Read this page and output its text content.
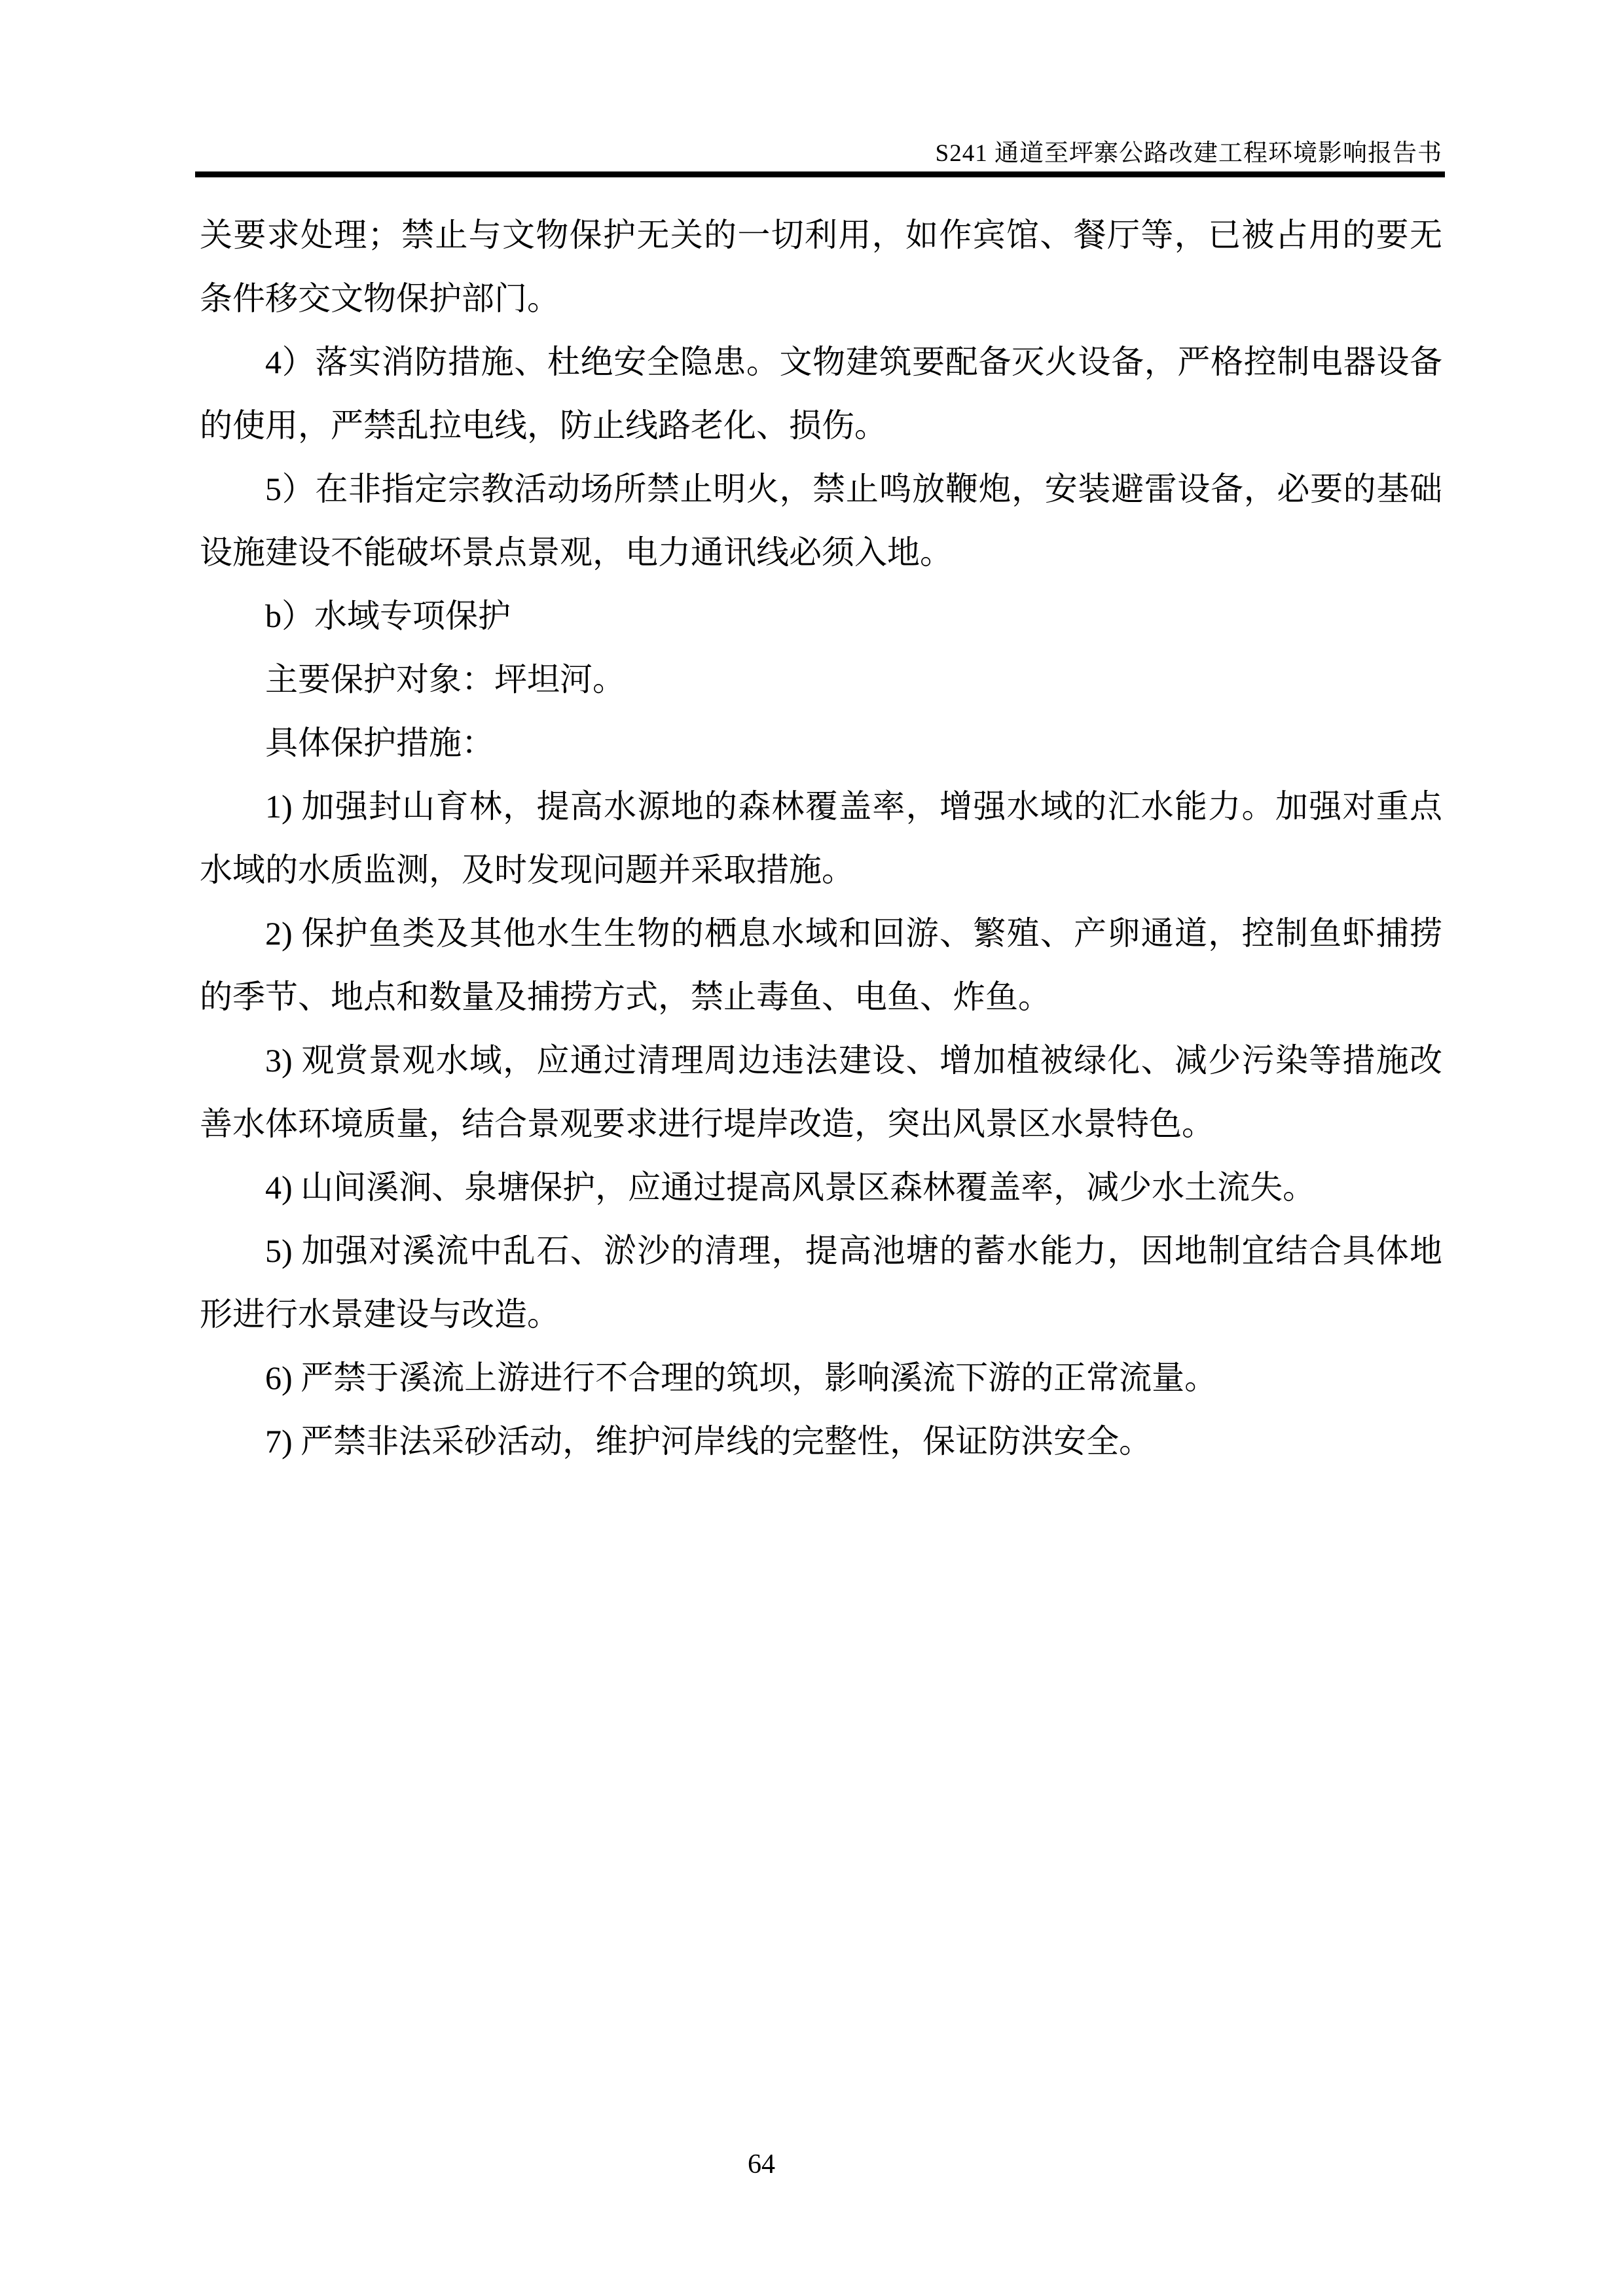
S241 通道至坪寨公路改建工程环境影响报告书

关要求处理；禁止与文物保护无关的一切利用，如作宾馆、餐厅等，已被占用的要无条件移交文物保护部门。

4）落实消防措施、杜绝安全隐患。文物建筑要配备灭火设备，严格控制电器设备的使用，严禁乱拉电线，防止线路老化、损伤。

5）在非指定宗教活动场所禁止明火，禁止鸣放鞭炮，安装避雷设备，必要的基础设施建设不能破坏景点景观，电力通讯线必须入地。

b）水域专项保护

主要保护对象：坪坦河。

具体保护措施：

1) 加强封山育林，提高水源地的森林覆盖率，增强水域的汇水能力。加强对重点水域的水质监测，及时发现问题并采取措施。

2) 保护鱼类及其他水生生物的栖息水域和回游、繁殖、产卵通道，控制鱼虾捕捞的季节、地点和数量及捕捞方式，禁止毒鱼、电鱼、炸鱼。

3) 观赏景观水域，应通过清理周边违法建设、增加植被绿化、减少污染等措施改善水体环境质量，结合景观要求进行堤岸改造，突出风景区水景特色。

4) 山间溪涧、泉塘保护，应通过提高风景区森林覆盖率，减少水土流失。

5) 加强对溪流中乱石、淤沙的清理，提高池塘的蓄水能力，因地制宜结合具体地形进行水景建设与改造。

6) 严禁于溪流上游进行不合理的筑坝，影响溪流下游的正常流量。

7) 严禁非法采砂活动，维护河岸线的完整性，保证防洪安全。

64
